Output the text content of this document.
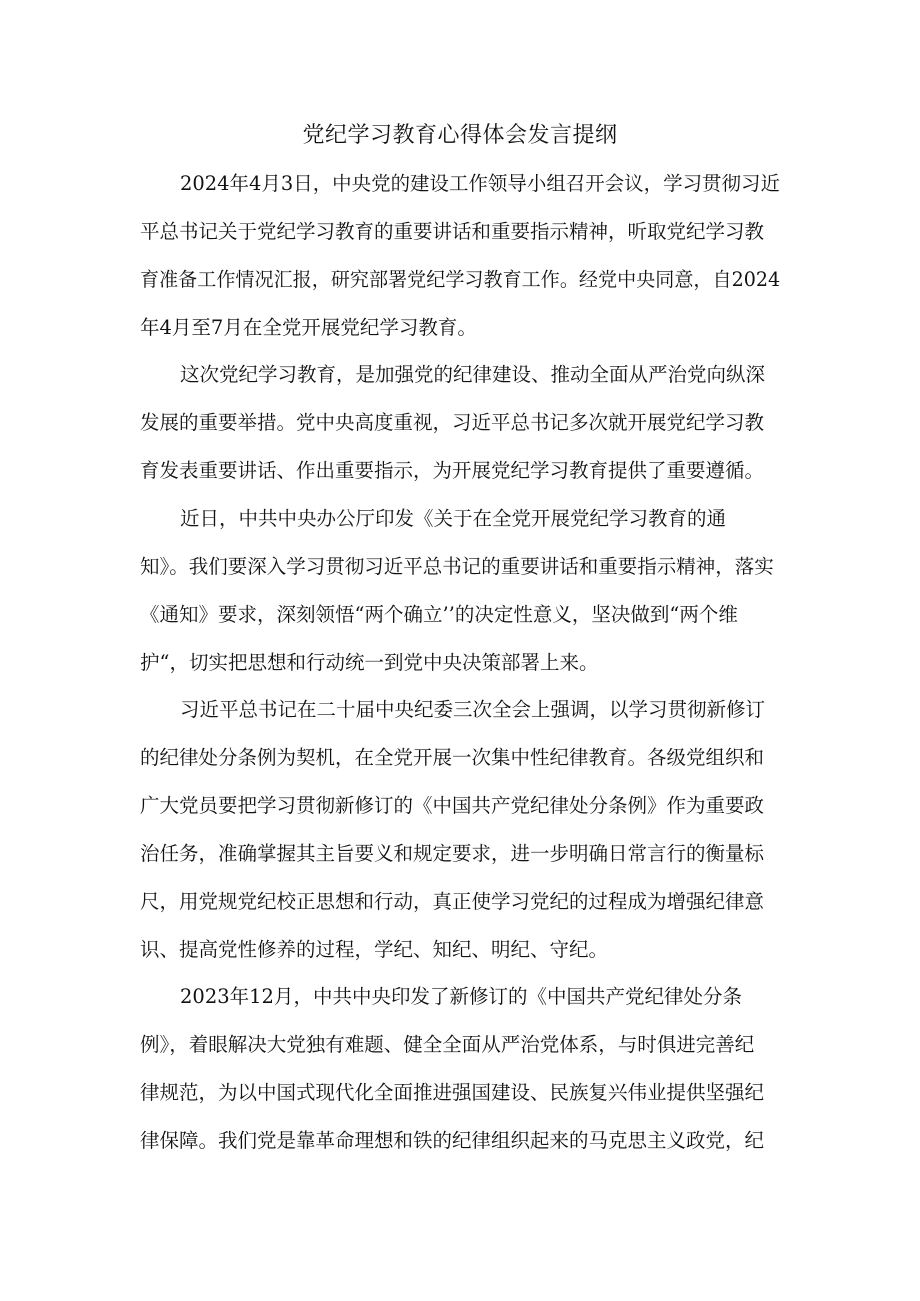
党纪学习教育心得体会发言提纲

2024年4月3日，中央党的建设工作领导小组召开会议，学习贯彻习近

平总书记关于党纪学习教育的重要讲话和重要指示精神，听取党纪学习教

育准备工作情况汇报，研究部署党纪学习教育工作。经党中央同意，自2024

年4月至7月在全党开展党纪学习教育。

这次党纪学习教育，是加强党的纪律建设、推动全面从严治党向纵深

发展的重要举措。党中央高度重视，习近平总书记多次就开展党纪学习教

育发表重要讲话、作出重要指示，为开展党纪学习教育提供了重要遵循。

近日，中共中央办公厅印发《关于在全党开展党纪学习教育的通

知》。我们要深入学习贯彻习近平总书记的重要讲话和重要指示精神，落实

《通知》要求，深刻领悟“两个确立’’的决定性意义，坚决做到“两个维

护“，切实把思想和行动统一到党中央决策部署上来。

习近平总书记在二十届中央纪委三次全会上强调，以学习贯彻新修订

的纪律处分条例为契机，在全党开展一次集中性纪律教育。各级党组织和

广大党员要把学习贯彻新修订的《中国共产党纪律处分条例》作为重要政

治任务，准确掌握其主旨要义和规定要求，进一步明确日常言行的衡量标

尺，用党规党纪校正思想和行动，真正使学习党纪的过程成为增强纪律意

识、提高党性修养的过程，学纪、知纪、明纪、守纪。

2023年12月，中共中央印发了新修订的《中国共产党纪律处分条

例》，着眼解决大党独有难题、健全全面从严治党体系，与时俱进完善纪

律规范，为以中国式现代化全面推进强国建设、民族复兴伟业提供坚强纪

律保障。我们党是靠革命理想和铁的纪律组织起来的马克思主义政党，纪
